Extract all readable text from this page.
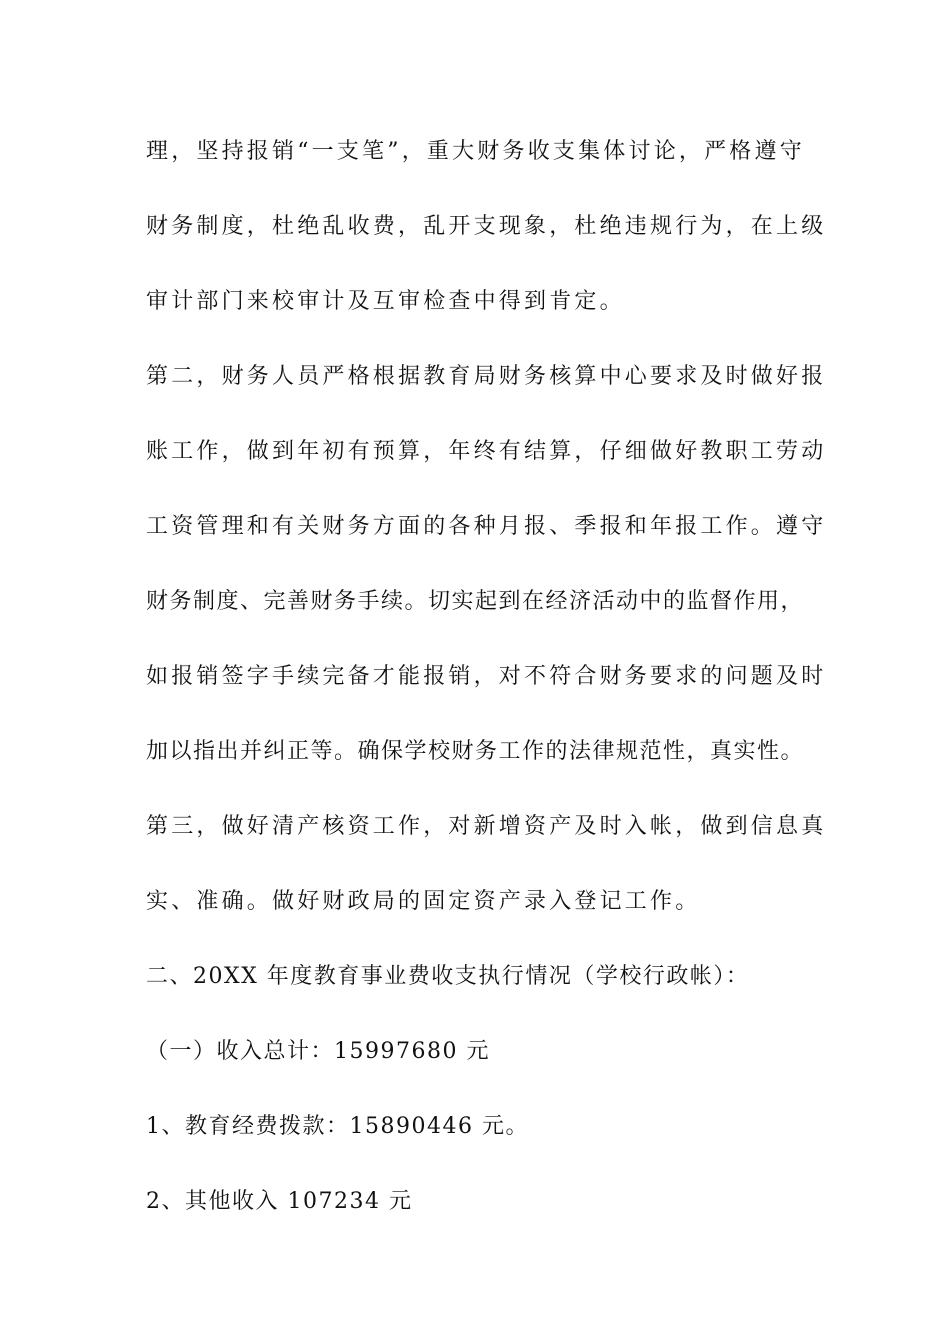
理，坚持报销“一支笔”，重大财务收支集体讨论，严格遵守
财务制度，杜绝乱收费，乱开支现象，杜绝违规行为，在上级
审计部门来校审计及互审检查中得到肯定。
第二，财务人员严格根据教育局财务核算中心要求及时做好报
账工作，做到年初有预算，年终有结算，仔细做好教职工劳动
工资管理和有关财务方面的各种月报、季报和年报工作。遵守
财务制度、完善财务手续。切实起到在经济活动中的监督作用，
如报销签字手续完备才能报销，对不符合财务要求的问题及时
加以指出并纠正等。确保学校财务工作的法律规范性，真实性。
第三，做好清产核资工作，对新增资产及时入帐，做到信息真
实、准确。做好财政局的固定资产录入登记工作。
二、20XX 年度教育事业费收支执行情况（学校行政帐）：
（一）收入总计：15997680 元
1、教育经费拨款：15890446 元。
2、其他收入 107234 元
